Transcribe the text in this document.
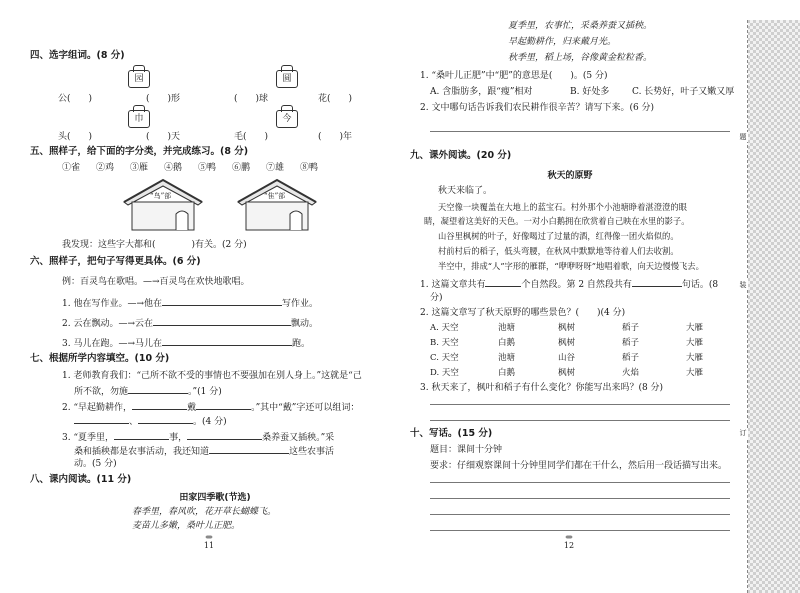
四、选字组词。(8 分)
园	圆
公(　　)	(　　)形	(　　)球	花(　　)
巾	今
头(　　)	(　　)天	毛(　　)	(　　)年
五、照样子，给下面的字分类，并完成练习。(8 分)
①雀 ②鸡 ③雁 ④鹅 ⑤鸭 ⑥鹏 ⑦雄 ⑧鸭
“鸟”部	“隹”部
我发现：这些字大都和(　　　　)有关。(2 分)
六、照样子，把句子写得更具体。(6 分)
例：百灵鸟在歌唱。—→百灵鸟在欢快地歌唱。
1. 他在写作业。—→他在	写作业。
2. 云在飘动。—→云在	飘动。
3. 马儿在跑。—→马儿在	跑。
七、根据所学内容填空。(10 分)
1. 老师教育我们：“己所不欲不受的事情也不要强加在别人身上。”这就是“己
所不欲，勿施	。”(1 分)
2. “早起勤耕作，	戴	。”其中“戴”字还可以组词：
、	。(4 分)
3. “夏季里，	事，	桑养蚕又插秧。”采
桑和插秧都是农事活动，我还知道	这些农事活
动。(5 分)
八、课内阅读。(11 分)
田家四季歌(节选)
春季里，春风吹，花开草长蝴蝶飞。
麦苗儿多嫩，桑叶儿正肥。
11
夏季里，农事忙，采桑养蚕又插秧。
早起勤耕作，归来戴月光。
秋季里，稻上场，谷像黄金粒粒香。
1. “桑叶儿正肥”中“肥”的意思是(　　)。(5 分)
A. 含脂肪多，跟“瘦”相对	B. 好处多	C. 长势好，叶子又嫩又厚
2. 文中哪句话告诉我们农民耕作很辛苦？请写下来。(6 分)
九、课外阅读。(20 分)
秋天的原野
秋天来临了。
天空像一块覆盖在大地上的蓝宝石。村外那个小池塘睁着湛澄澄的眼
睛，凝望着这美好的天色。一对小白鹅拥在欣赏着自己映在水里的影子。
山谷里枫树的叶子，好像喝过了过量的酒，红得像一团火焰似的。
村前村后的稻子，低头弯腰，在秋风中默默地等待着人们去收割。
半空中，排成“人”字形的雁群，“咿咿呀呀”地唱着歌，向天边慢慢飞去。
1. 这篇文章共有	个自然段。第 2 自然段共有	句话。(8
分)
2. 这篇文章写了秋天原野的哪些景色？(　　)(4 分)
A. 天空	池塘	枫树	稻子	大雁
B. 天空	白鹅	枫树	稻子	大雁
C. 天空	池塘	山谷	稻子	大雁
D. 天空	白鹅	枫树	火焰	大雁
3. 秋天来了，枫叶和稻子有什么变化？你能写出来吗？(8 分)
十、写话。(15 分)
题目：课间十分钟
要求：仔细观察课间十分钟里同学们都在干什么，然后用一段话描写出来。
12
题
装
订
